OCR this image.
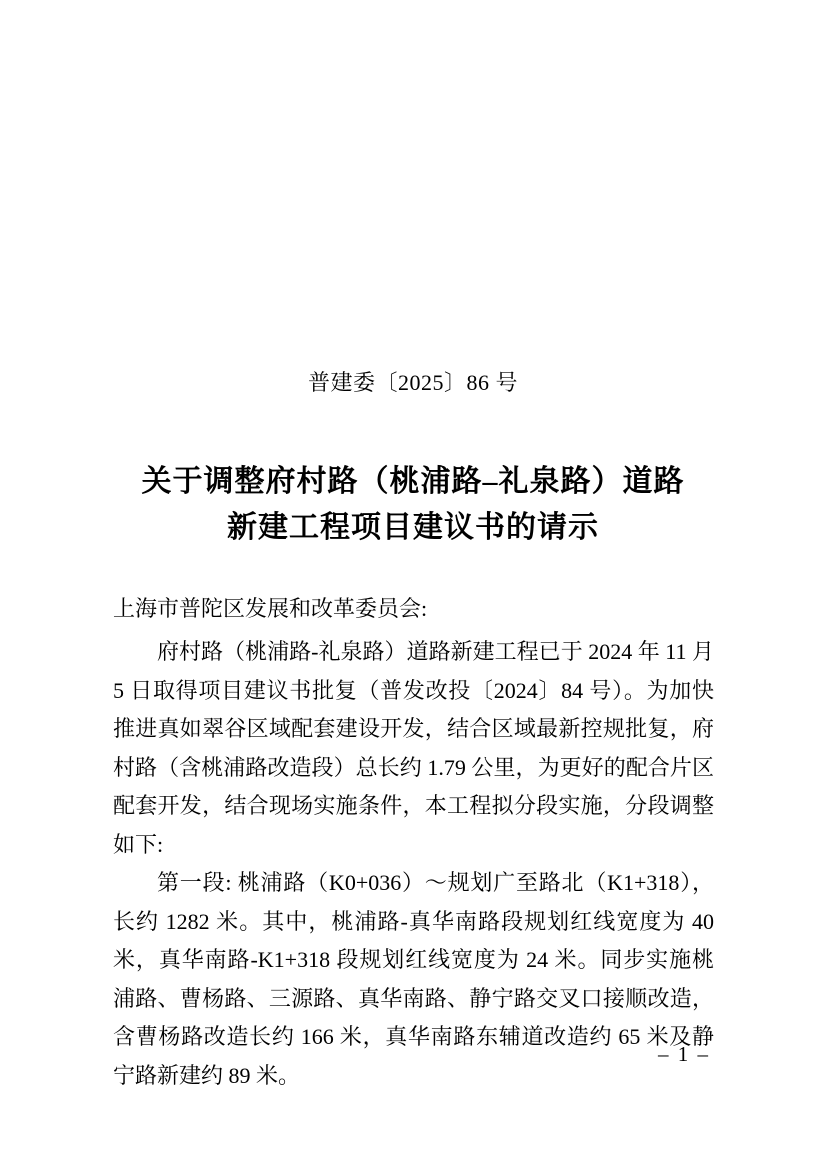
普建委〔2025〕86 号
关于调整府村路（桃浦路–礼泉路）道路
新建工程项目建议书的请示
上海市普陀区发展和改革委员会:

府村路（桃浦路-礼泉路）道路新建工程已于 2024 年 11 月 5 日取得项目建议书批复（普发改投〔2024〕84 号）。为加快推进真如翠谷区域配套建设开发，结合区域最新控规批复，府村路（含桃浦路改造段）总长约 1.79 公里，为更好的配合片区配套开发，结合现场实施条件，本工程拟分段实施，分段调整如下:

第一段: 桃浦路（K0+036）～规划广至路北（K1+318），长约 1282 米。其中，桃浦路-真华南路段规划红线宽度为 40 米，真华南路-K1+318 段规划红线宽度为 24 米。同步实施桃浦路、曹杨路、三源路、真华南路、静宁路交叉口接顺改造，含曹杨路改造长约 166 米，真华南路东辅道改造约 65 米及静宁路新建约 89 米。

– 1 –
